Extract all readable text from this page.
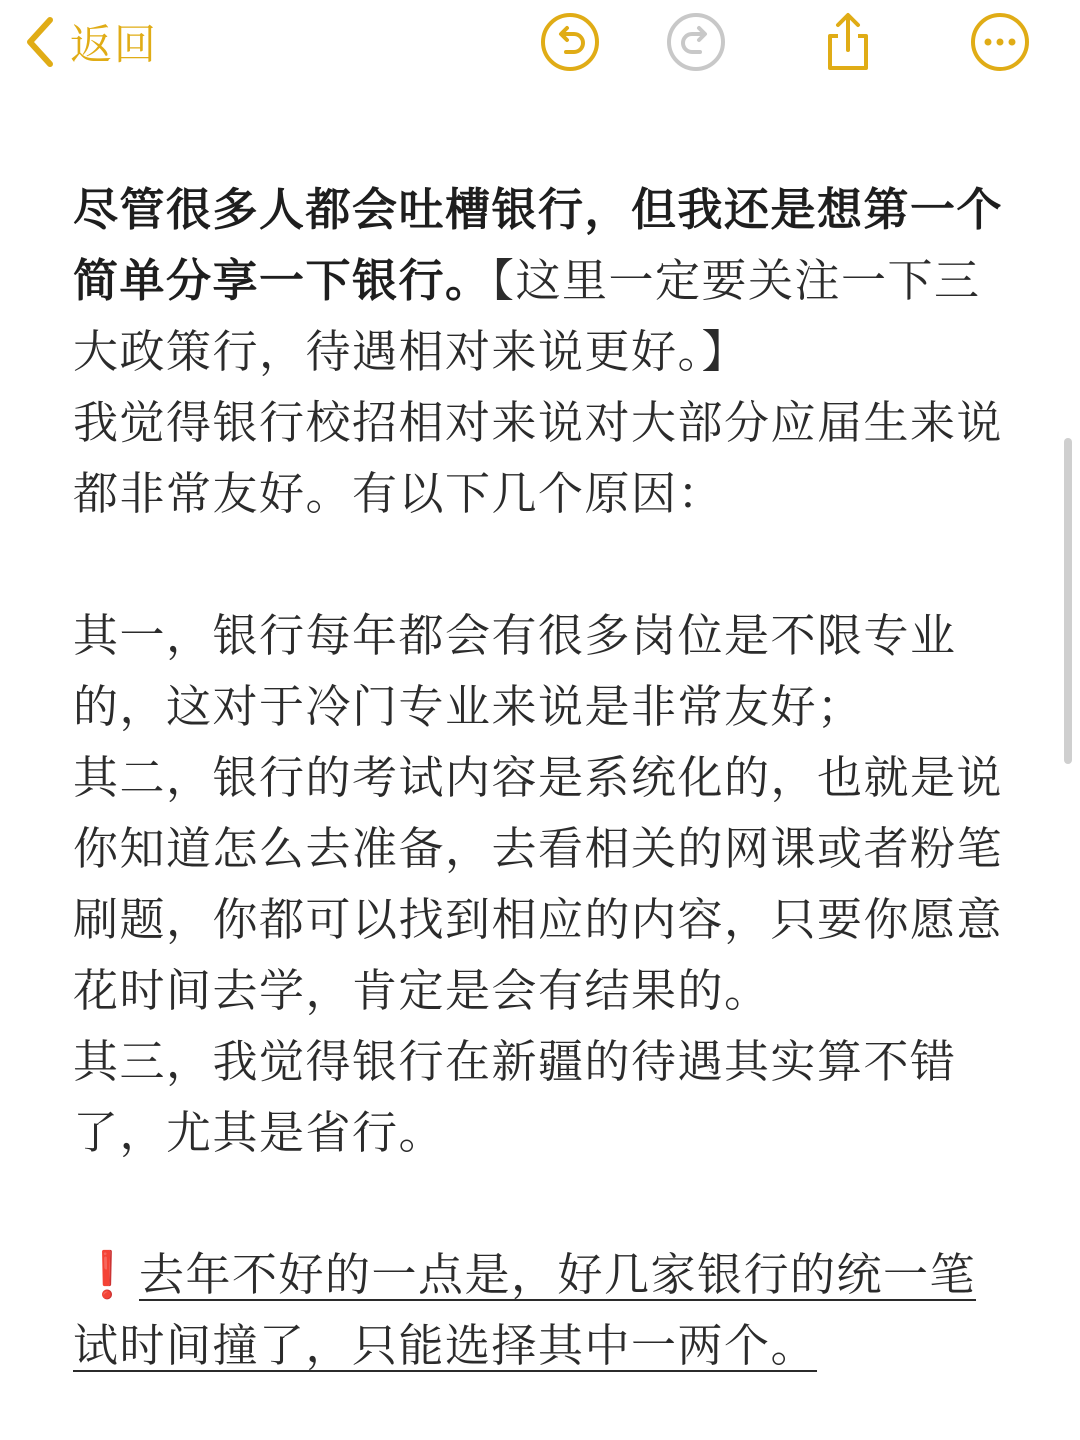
返回

尽管很多人都会吐槽银行，但我还是想第一个简单分享一下银行。【这里一定要关注一下三大政策行，待遇相对来说更好。】

我觉得银行校招相对来说对大部分应届生来说都非常友好。有以下几个原因：

其一，银行每年都会有很多岗位是不限专业的，这对于冷门专业来说是非常友好；

其二，银行的考试内容是系统化的，也就是说你知道怎么去准备，去看相关的网课或者粉笔刷题，你都可以找到相应的内容，只要你愿意花时间去学，肯定是会有结果的。

其三，我觉得银行在新疆的待遇其实算不错了，尤其是省行。

❗去年不好的一点是，好几家银行的统一笔试时间撞了，只能选择其中一两个。
